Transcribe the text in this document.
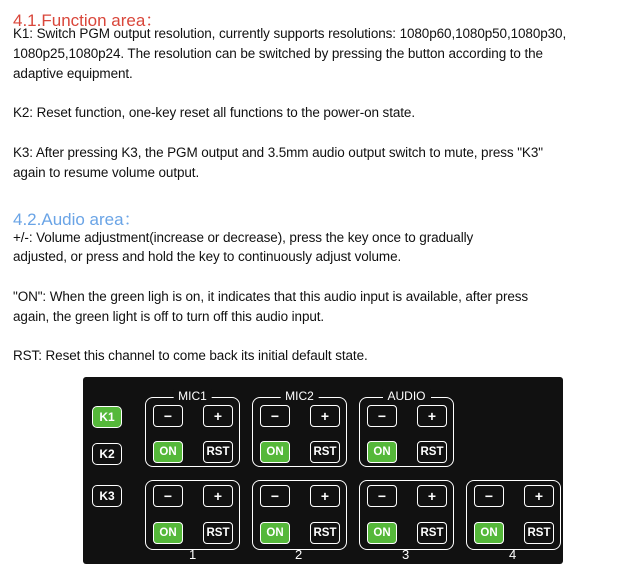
4.1.Function area：
K1: Switch PGM output resolution, currently supports resolutions: 1080p60,1080p50,1080p30,
1080p25,1080p24. The resolution can be switched by pressing the button according to the
adaptive equipment.
K2: Reset function, one-key reset all functions to the power-on state.
K3: After pressing K3, the PGM output and 3.5mm audio output switch to mute, press "K3"
again to resume volume output.
4.2.Audio area：
+/-: Volume adjustment(increase or decrease), press the key once to gradually
adjusted, or press and hold the key to continuously adjust volume.
"ON": When the green ligh is on, it indicates that this audio input is available, after press
again, the green light is off to turn off this audio input.
RST: Reset this channel to come back its initial default state.
K1
K2
K3
MIC1
−	+
ON	RST
MIC2
−	+
ON	RST
AUDIO
−	+
ON	RST
−	+
ON	RST
1
−	+
ON	RST
2
−	+
ON	RST
3
−	+
ON	RST
4
